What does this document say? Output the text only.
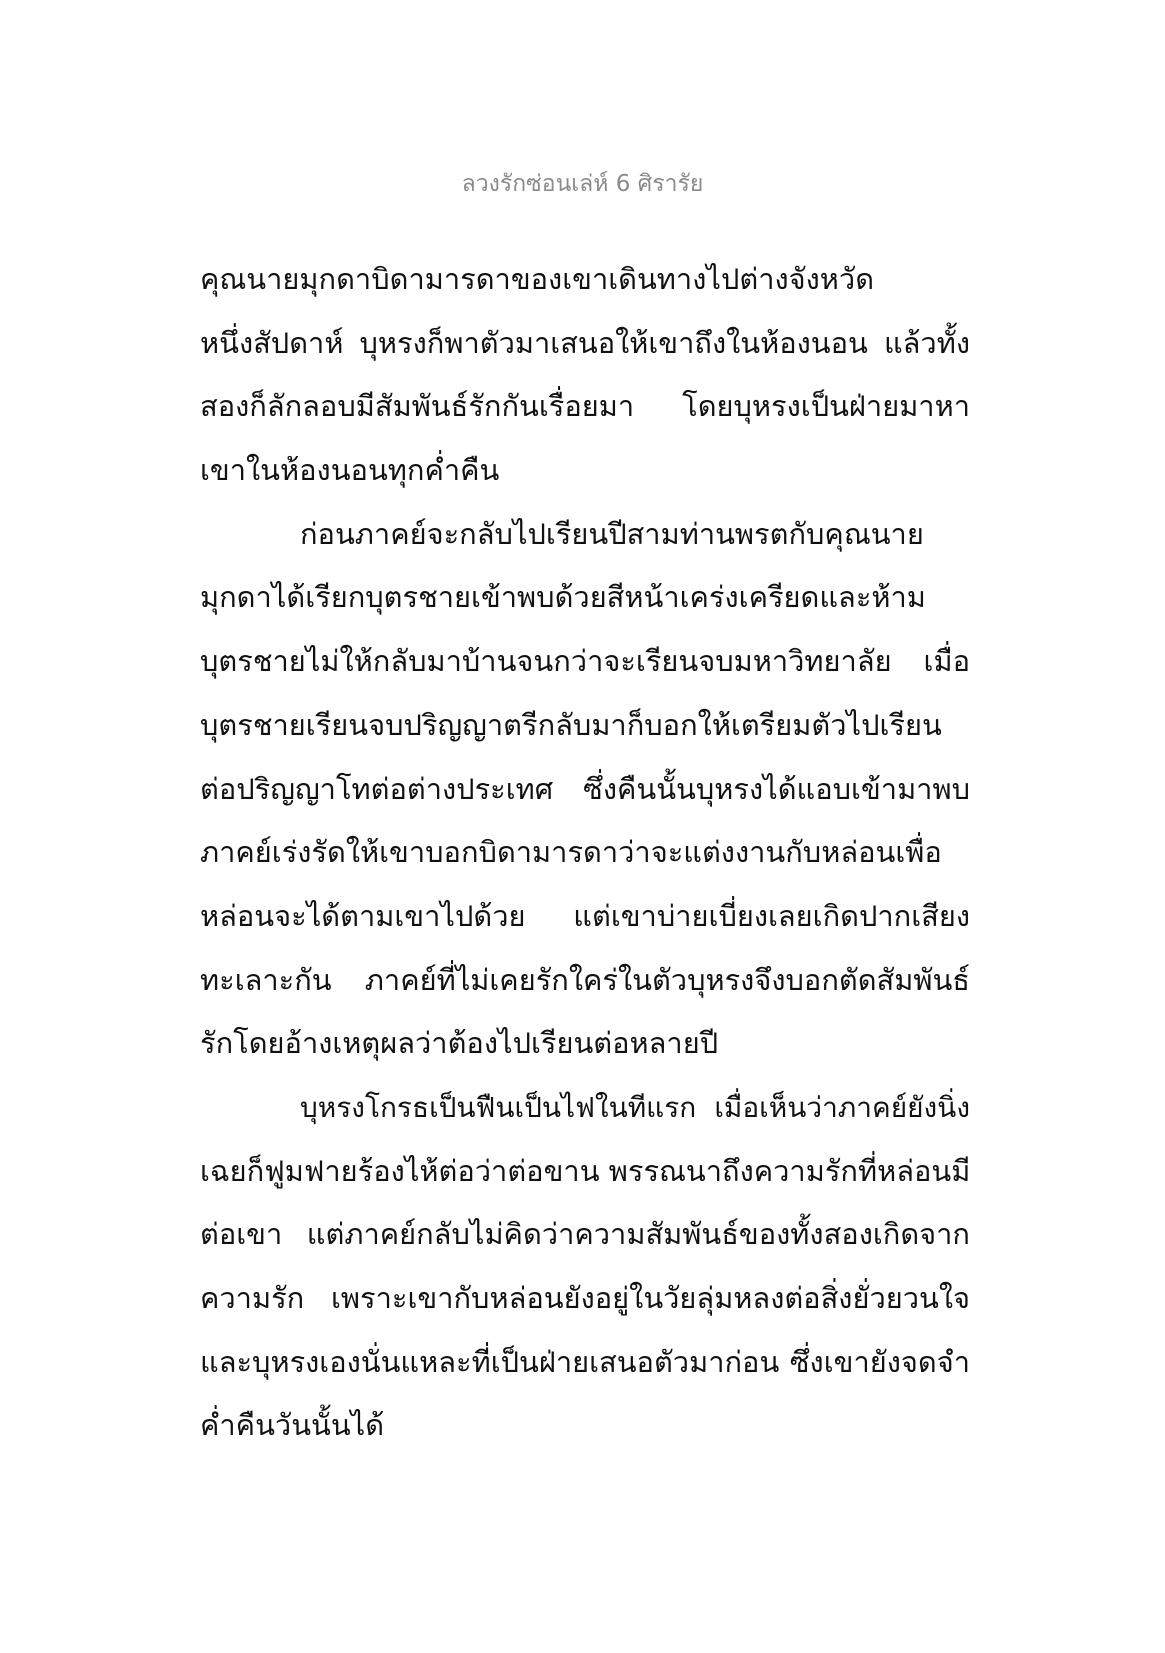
ลวงรักซ่อนเล่ห์ 6 ศิรารัย
คุณนายมุกดาบิดามารดาของเขาเดินทางไปต่างจังหวัด
หนึ่งสัปดาห์ บุหรงก็พาตัวมาเสนอให้เขาถึงในห้องนอน แล้วทั้ง
สองก็ลักลอบมีสัมพันธ์รักกันเรื่อยมา โดยบุหรงเป็นฝ่ายมาหา
เขาในห้องนอนทุกค่ำคืน
ก่อนภาคย์จะกลับไปเรียนปีสามท่านพรตกับคุณนาย
มุกดาได้เรียกบุตรชายเข้าพบด้วยสีหน้าเคร่งเครียดและห้าม
บุตรชายไม่ให้กลับมาบ้านจนกว่าจะเรียนจบมหาวิทยาลัย เมื่อ
บุตรชายเรียนจบปริญญาตรีกลับมาก็บอกให้เตรียมตัวไปเรียน
ต่อปริญญาโทต่อต่างประเทศ ซึ่งคืนนั้นบุหรงได้แอบเข้ามาพบ
ภาคย์เร่งรัดให้เขาบอกบิดามารดาว่าจะแต่งงานกับหล่อนเพื่อ
หล่อนจะได้ตามเขาไปด้วย แต่เขาบ่ายเบี่ยงเลยเกิดปากเสียง
ทะเลาะกัน ภาคย์ที่ไม่เคยรักใคร่ในตัวบุหรงจึงบอกตัดสัมพันธ์
รักโดยอ้างเหตุผลว่าต้องไปเรียนต่อหลายปี
บุหรงโกรธเป็นฟืนเป็นไฟในทีแรก เมื่อเห็นว่าภาคย์ยังนิ่ง
เฉยก็ฟูมฟายร้องไห้ต่อว่าต่อขาน พรรณนาถึงความรักที่หล่อนมี
ต่อเขา แต่ภาคย์กลับไม่คิดว่าความสัมพันธ์ของทั้งสองเกิดจาก
ความรัก เพราะเขากับหล่อนยังอยู่ในวัยลุ่มหลงต่อสิ่งยั่วยวนใจ
และบุหรงเองนั่นแหละที่เป็นฝ่ายเสนอตัวมาก่อน ซึ่งเขายังจดจำ
ค่ำคืนวันนั้นได้
